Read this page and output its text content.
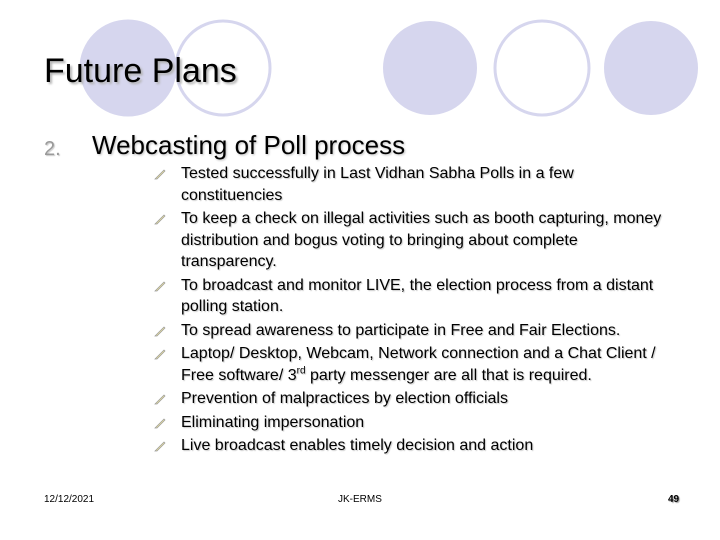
Future Plans
2. Webcasting of Poll process
Tested successfully in Last Vidhan Sabha Polls in a few constituencies
To keep a check on illegal activities such as booth capturing, money distribution and bogus voting to bringing about complete transparency.
To broadcast and monitor LIVE, the election process from a distant polling station.
To spread awareness to participate in Free and Fair Elections.
Laptop/ Desktop, Webcam, Network connection and a Chat Client / Free software/ 3rd party messenger are all that is required.
Prevention of malpractices by election officials
Eliminating impersonation
Live broadcast enables timely decision and action
12/12/2021	JK-ERMS	49
